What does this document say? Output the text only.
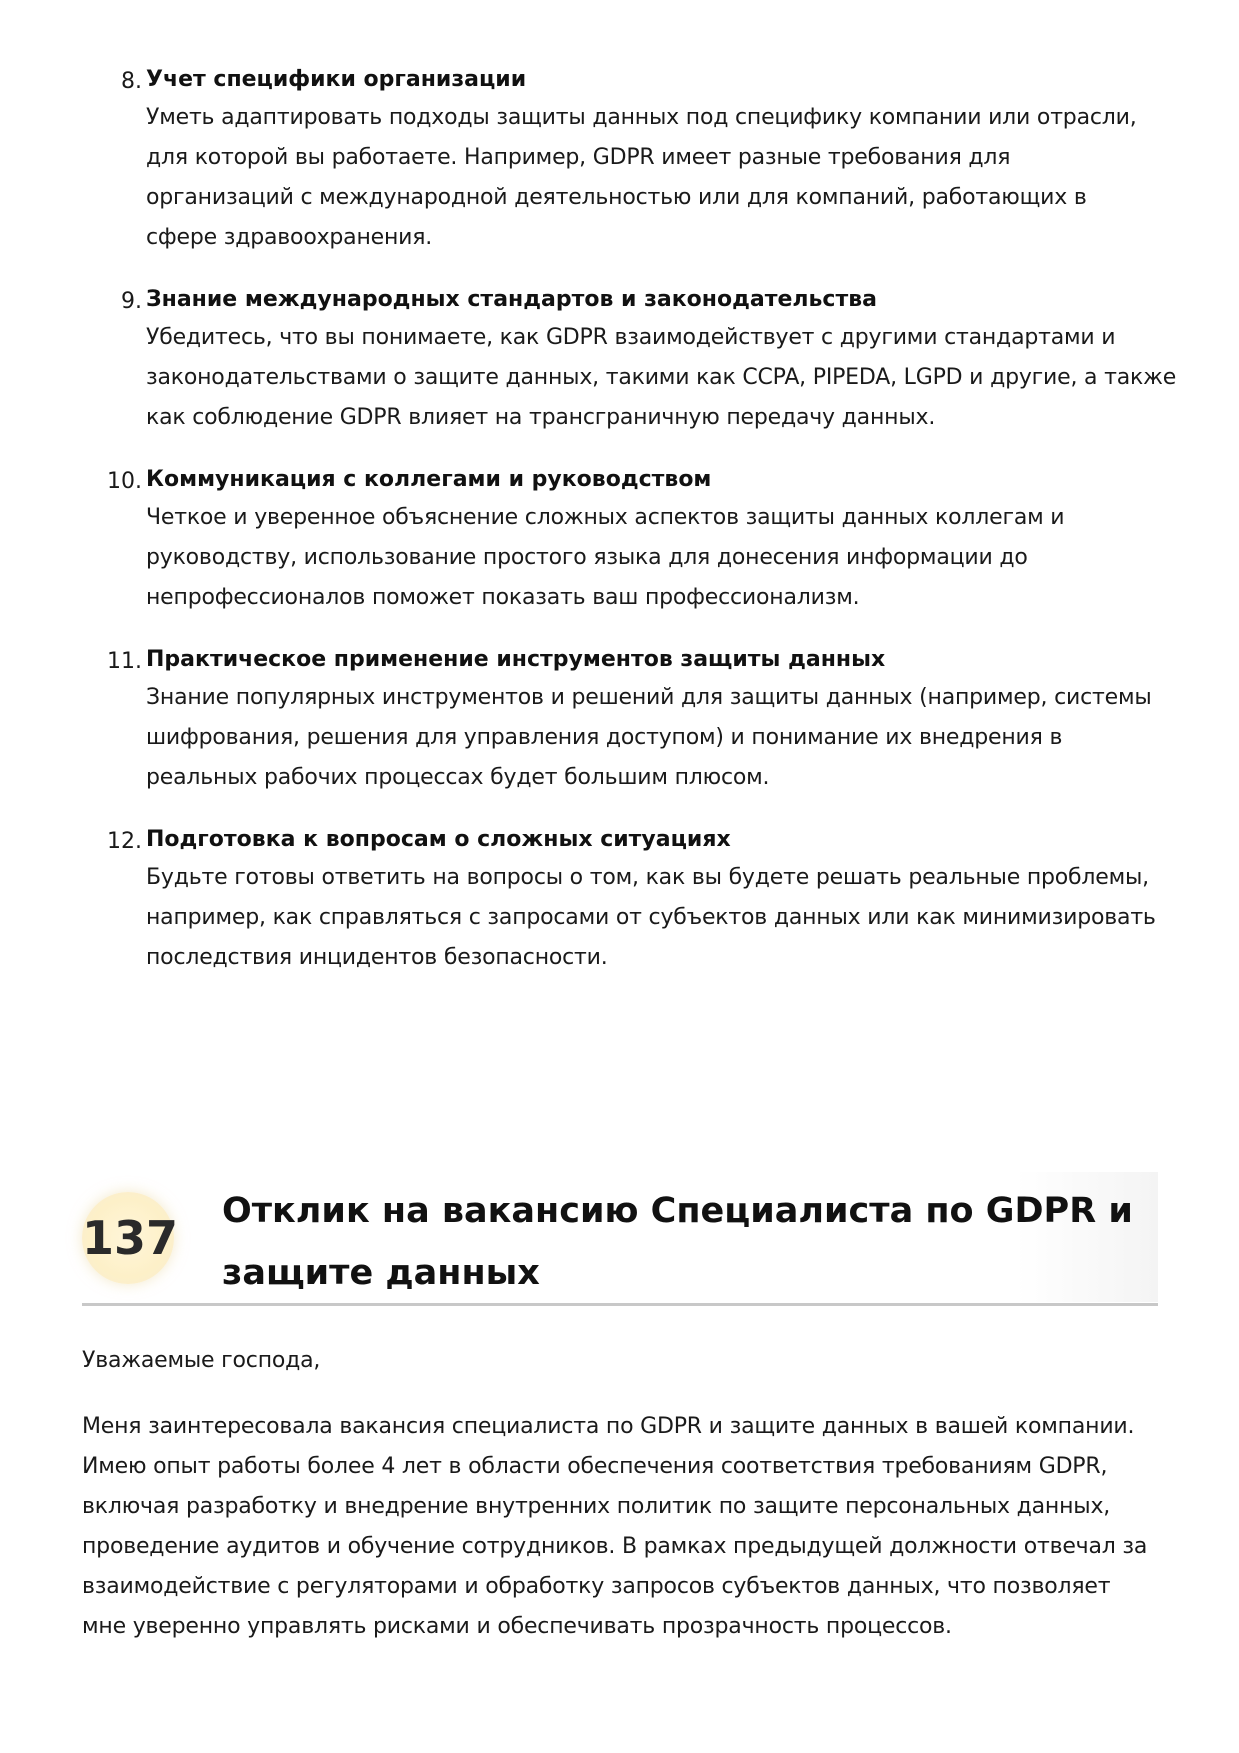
8. Учет специфики организации
Уметь адаптировать подходы защиты данных под специфику компании или отрасли,
для которой вы работаете. Например, GDPR имеет разные требования для
организаций с международной деятельностью или для компаний, работающих в
сфере здравоохранения.
9. Знание международных стандартов и законодательства
Убедитесь, что вы понимаете, как GDPR взаимодействует с другими стандартами и
законодательствами о защите данных, такими как CCPA, PIPEDA, LGPD и другие, а также
как соблюдение GDPR влияет на трансграничную передачу данных.
10. Коммуникация с коллегами и руководством
Четкое и уверенное объяснение сложных аспектов защиты данных коллегам и
руководству, использование простого языка для донесения информации до
непрофессионалов поможет показать ваш профессионализм.
11. Практическое применение инструментов защиты данных
Знание популярных инструментов и решений для защиты данных (например, системы
шифрования, решения для управления доступом) и понимание их внедрения в
реальных рабочих процессах будет большим плюсом.
12. Подготовка к вопросам о сложных ситуациях
Будьте готовы ответить на вопросы о том, как вы будете решать реальные проблемы,
например, как справляться с запросами от субъектов данных или как минимизировать
последствия инцидентов безопасности.
137 Отклик на вакансию Специалиста по GDPR и
защите данных
Уважаемые господа,
Меня заинтересовала вакансия специалиста по GDPR и защите данных в вашей компании.
Имею опыт работы более 4 лет в области обеспечения соответствия требованиям GDPR,
включая разработку и внедрение внутренних политик по защите персональных данных,
проведение аудитов и обучение сотрудников. В рамках предыдущей должности отвечал за
взаимодействие с регуляторами и обработку запросов субъектов данных, что позволяет
мне уверенно управлять рисками и обеспечивать прозрачность процессов.
